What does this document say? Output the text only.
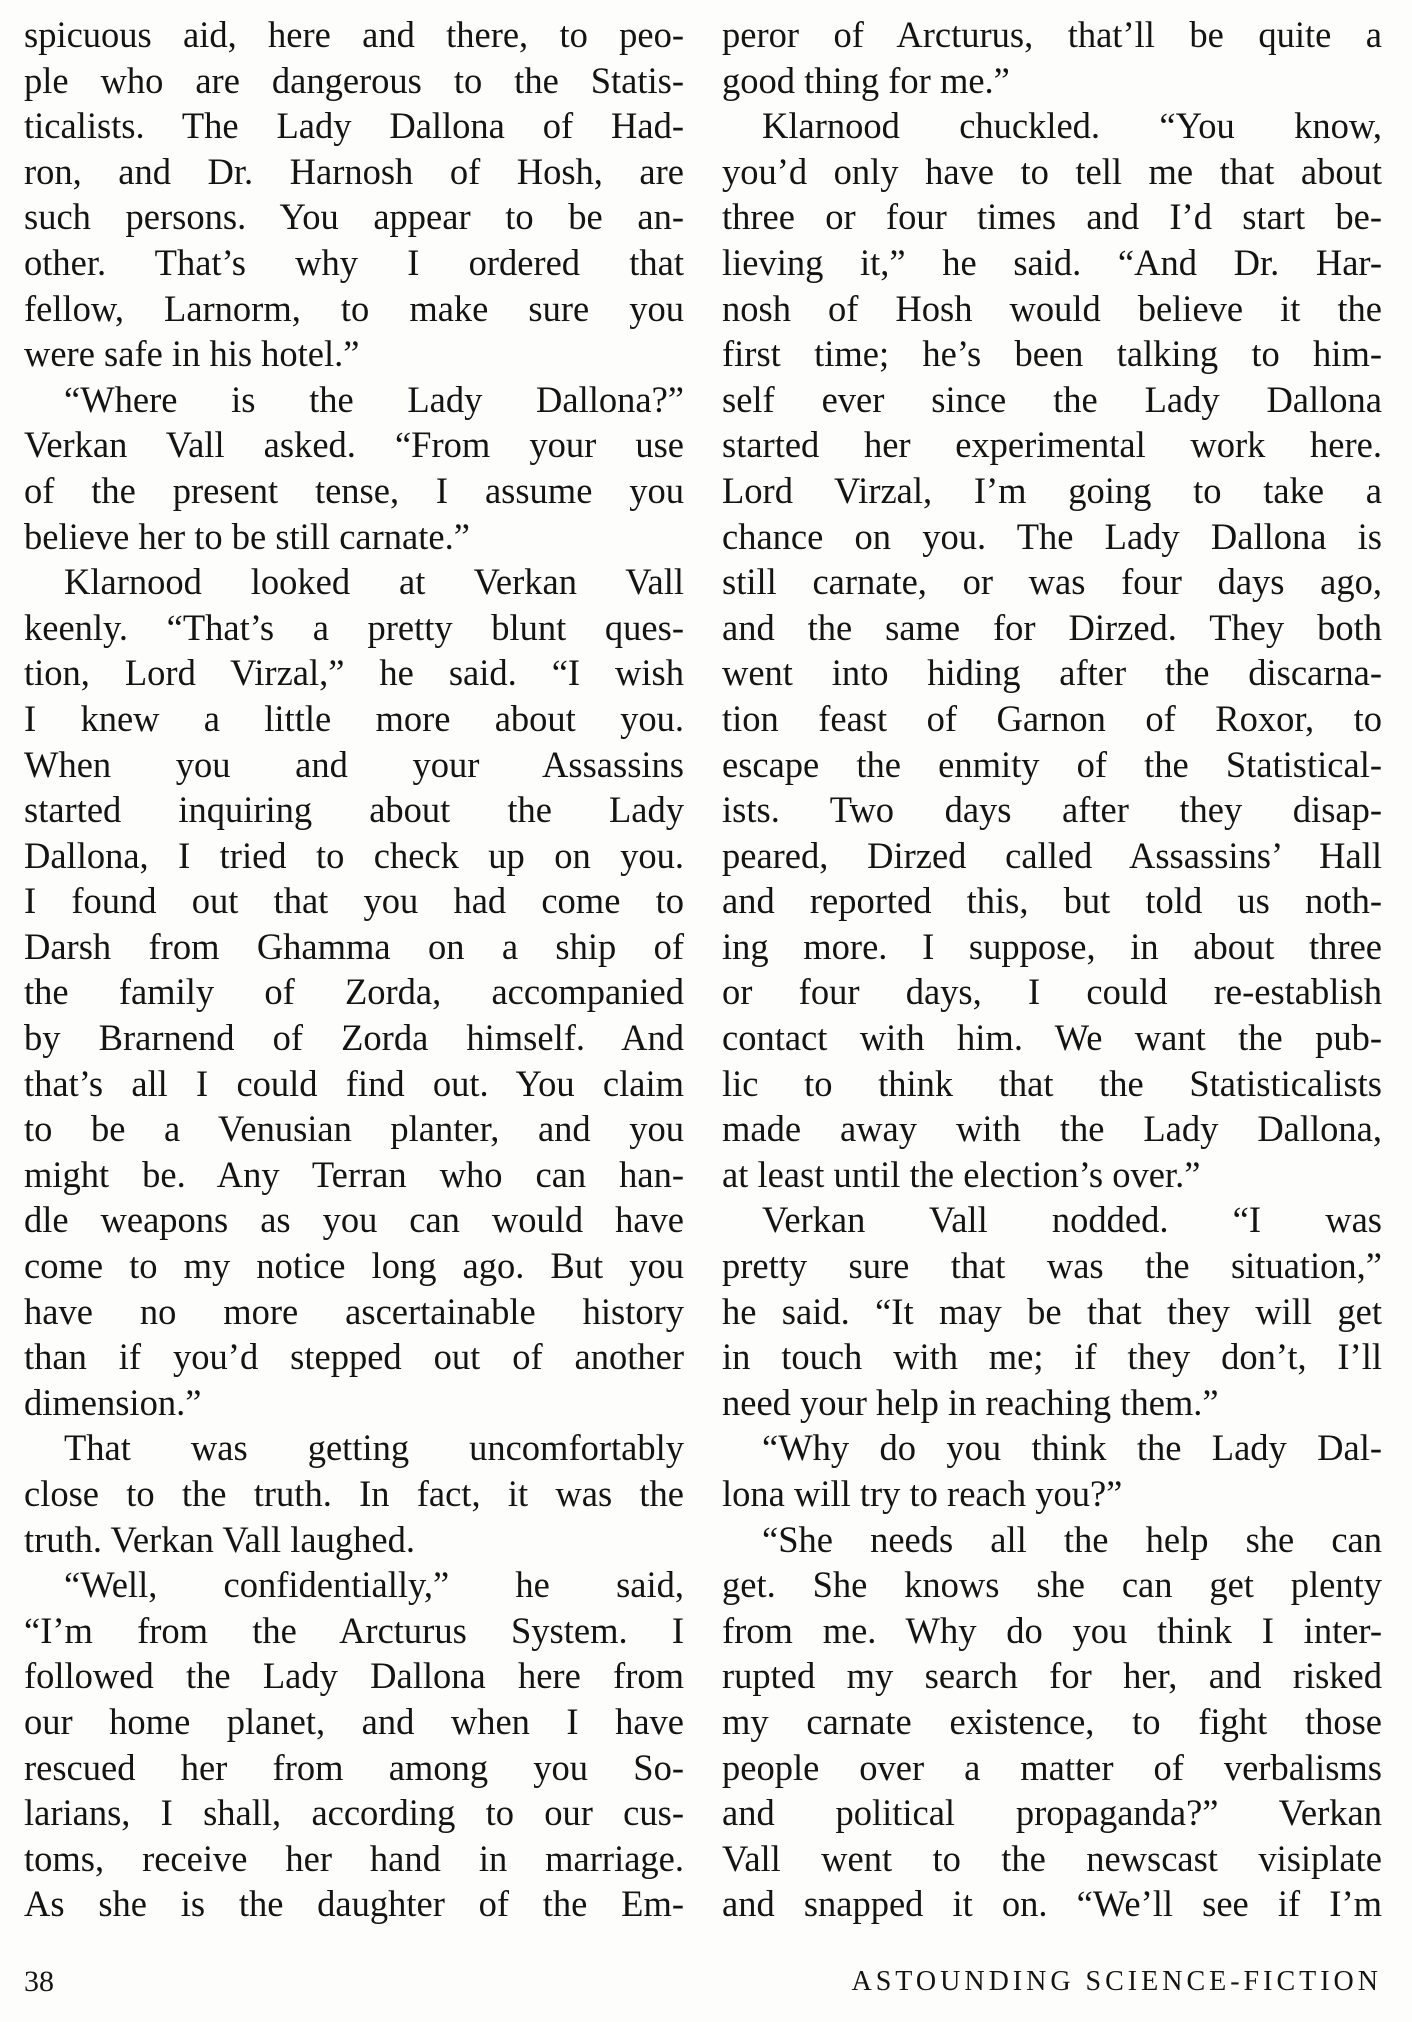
spicuous aid, here and there, to peo-
ple who are dangerous to the Statis-
ticalists. The Lady Dallona of Had-
ron, and Dr. Harnosh of Hosh, are
such persons. You appear to be an-
other. That’s why I ordered that
fellow, Larnorm, to make sure you
were safe in his hotel.”
“Where is the Lady Dallona?”
Verkan Vall asked. “From your use
of the present tense, I assume you
believe her to be still carnate.”
Klarnood looked at Verkan Vall
keenly. “That’s a pretty blunt ques-
tion, Lord Virzal,” he said. “I wish
I knew a little more about you.
When you and your Assassins
started inquiring about the Lady
Dallona, I tried to check up on you.
I found out that you had come to
Darsh from Ghamma on a ship of
the family of Zorda, accompanied
by Brarnend of Zorda himself. And
that’s all I could find out. You claim
to be a Venusian planter, and you
might be. Any Terran who can han-
dle weapons as you can would have
come to my notice long ago. But you
have no more ascertainable history
than if you’d stepped out of another
dimension.”
That was getting uncomfortably
close to the truth. In fact, it was the
truth. Verkan Vall laughed.
“Well, confidentially,” he said,
“I’m from the Arcturus System. I
followed the Lady Dallona here from
our home planet, and when I have
rescued her from among you So-
larians, I shall, according to our cus-
toms, receive her hand in marriage.
As she is the daughter of the Em-
peror of Arcturus, that’ll be quite a
good thing for me.”
Klarnood chuckled. “You know,
you’d only have to tell me that about
three or four times and I’d start be-
lieving it,” he said. “And Dr. Har-
nosh of Hosh would believe it the
first time; he’s been talking to him-
self ever since the Lady Dallona
started her experimental work here.
Lord Virzal, I’m going to take a
chance on you. The Lady Dallona is
still carnate, or was four days ago,
and the same for Dirzed. They both
went into hiding after the discarna-
tion feast of Garnon of Roxor, to
escape the enmity of the Statistical-
ists. Two days after they disap-
peared, Dirzed called Assassins’ Hall
and reported this, but told us noth-
ing more. I suppose, in about three
or four days, I could re-establish
contact with him. We want the pub-
lic to think that the Statisticalists
made away with the Lady Dallona,
at least until the election’s over.”
Verkan Vall nodded. “I was
pretty sure that was the situation,”
he said. “It may be that they will get
in touch with me; if they don’t, I’ll
need your help in reaching them.”
“Why do you think the Lady Dal-
lona will try to reach you?”
“She needs all the help she can
get. She knows she can get plenty
from me. Why do you think I inter-
rupted my search for her, and risked
my carnate existence, to fight those
people over a matter of verbalisms
and political propaganda?” Verkan
Vall went to the newscast visiplate
and snapped it on. “We’ll see if I’m
38	ASTOUNDING SCIENCE-FICTION
